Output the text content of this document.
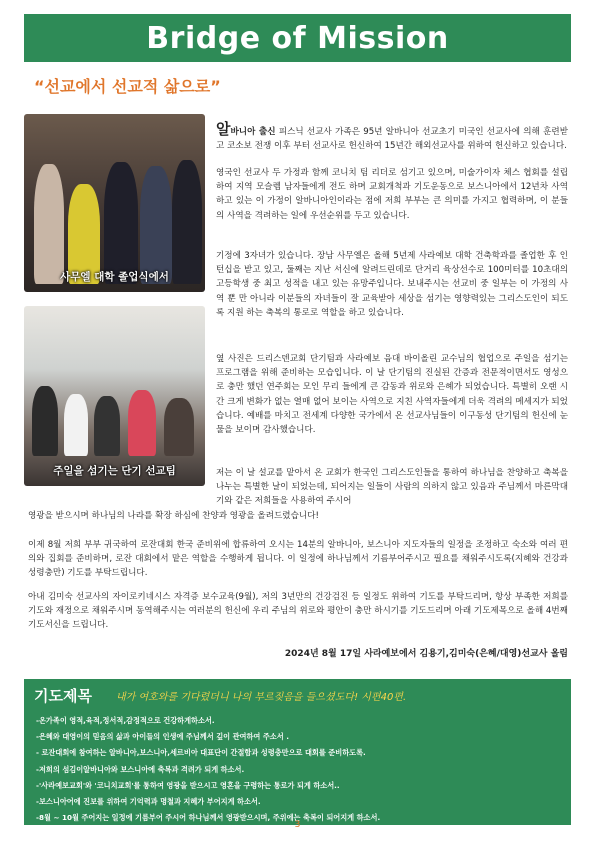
Bridge of Mission
“선교에서 선교적 삶으로”
사무엘 대학 졸업식에서
주일을 섬기는 단기 선교팀

알바니아 출신 피스닉 선교사 가족은 95년 알바니아 선교초기 미국인 선교사에 의해 훈련받고 코소보 전쟁 이후 부터 선교사로 헌신하여 15년간 해외선교사를 위하여 헌신하고 있습니다.

영국인 선교사 두 가정과 함께 코니치 팀 리더로 섬기고 있으며, 미술가이자 체스 협회를 설립하여 지역 모슬렘 남자들에게 전도 하며 교회개척과 기도운동으로 보스니아에서 12년차 사역하고 있는 이 가정이 알바니아인이라는 점에 저희 부부는 큰 의미를 가지고 협력하며, 이 분들의 사역을 격려하는 일에 우선순위를 두고 있습니다.

기정에 3자녀가 있습니다. 장남 사무엘은 올해 5년제 사라예보 대학 건축학과를 졸업한 후 인턴십을 받고 있고, 둘째는 지난 서신에 알려드린데로 단거리 육상선수로 100미터를 10초대의 고등학생 중 최고 성적을 내고 있는 유망주입니다. 보내주시는 선교비 중 일부는 이 가정의 사역 뿐 만 아니라 이분들의 자녀들이 잘 교육받아 세상을 섬기는 영향력있는 그리스도인이 되도록 지원 하는 축복의 통로로 역할을 하고 있습니다.

옆 사진은 드리스덴교회 단기팀과 사라예보 음대 바이올린 교수님의 협업으로 주일을 섬기는 프로그램을 위해 준비하는 모습입니다. 이 날 단기팀의 진실된 간증과 전문적이면서도 영성으로 충만 했던 연주회는 모인 무리 들에게 큰 감동과 위로와 은혜가 되었습니다. 특별히 오랜 시간 크게 변화가 없는 열매 없어 보이는 사역으로 지친 사역자들에게 더욱 격려의 메세지가 되었습니다. 예배를 마치고 전세계 다양한 국가에서 온 선교사님들이 이구동성 단기팀의 헌신에 눈물을 보이며 감사했습니다.

저는 이 날 설교를 맡아서 온 교회가 한국인 그리스도인들을 통하여 하나님을 찬양하고 축복을 나누는 특별한 날이 되었는데, 되어지는 일들이 사람의 의하지 않고 있음과 주님께서 마른막대기와 같은 저희들을 사용하여 주시어

영광을 받으시며 하나님의 나라를 확장 하심에 찬양과 영광을 올려드렸습니다!

이제 8월 저희 부부 귀국하여 로잔대회 한국 준비위에 합류하여 오시는 14분의 알바니아, 보스니아 지도자들의 일정을 조정하고 숙소와 여러 편의와 집회를 준비하며, 로잔 대회에서 맡은 역할을 수행하게 됩니다. 이 일정에 하나님께서 기름부어주시고 필요를 채워주시도록(지혜와 건강과 성령충만) 기도를 부탁드립니다.

아내 김미숙 선교사의 자이로키네시스 자격증 보수교육(9월), 저의 3년만의 건강검진 등 일정도 위하여 기도를 부탁드리며, 항상 부족한 저희를 기도와 재정으로 채워주시며 동역해주시는 여러분의 헌신에 우리 주님의 위로와 평안이 충만 하시기를 기도드리며 아래 기도제목으로 올해 4번째 기도서신을 드립니다.

2024년 8월 17일 사라예보에서 김용기,김미숙(은혜/대영)선교사 올림
기도제목 내가 여호와를 기다렸더니 나의 부르짖음을 들으셨도다! 시편40편.
-온가족이 영적,육적,정서적,감정적으로 건강하게하소서.
-은혜와 대영이의 믿음의 삶과 아이들의 인생에 주님께서 깊이 관여하여 주소서 .
- 로잔대회에 참여하는 알바니아,보스니아,세르비아 대표단이 간절함과 성령충만으로 대회를 준비하도록.
-저희의 섬김이알바니아와 보스니아에 축복과 격려가 되게 하소서.
-'사라예보교회'와 '코니치교회'를 통하여 영광을 받으시고 영혼을 구령하는 통로가 되게 하소서..
-보스니아어에 진보를 위하여 기억력과 명철과 지혜가 부어지게 하소서.
-8월 ~ 10월 주어지는 일정에 기름부어 주시어 하나님께서 영광받으시며, 주위에는 축복이 되어지게 하소서.
3
